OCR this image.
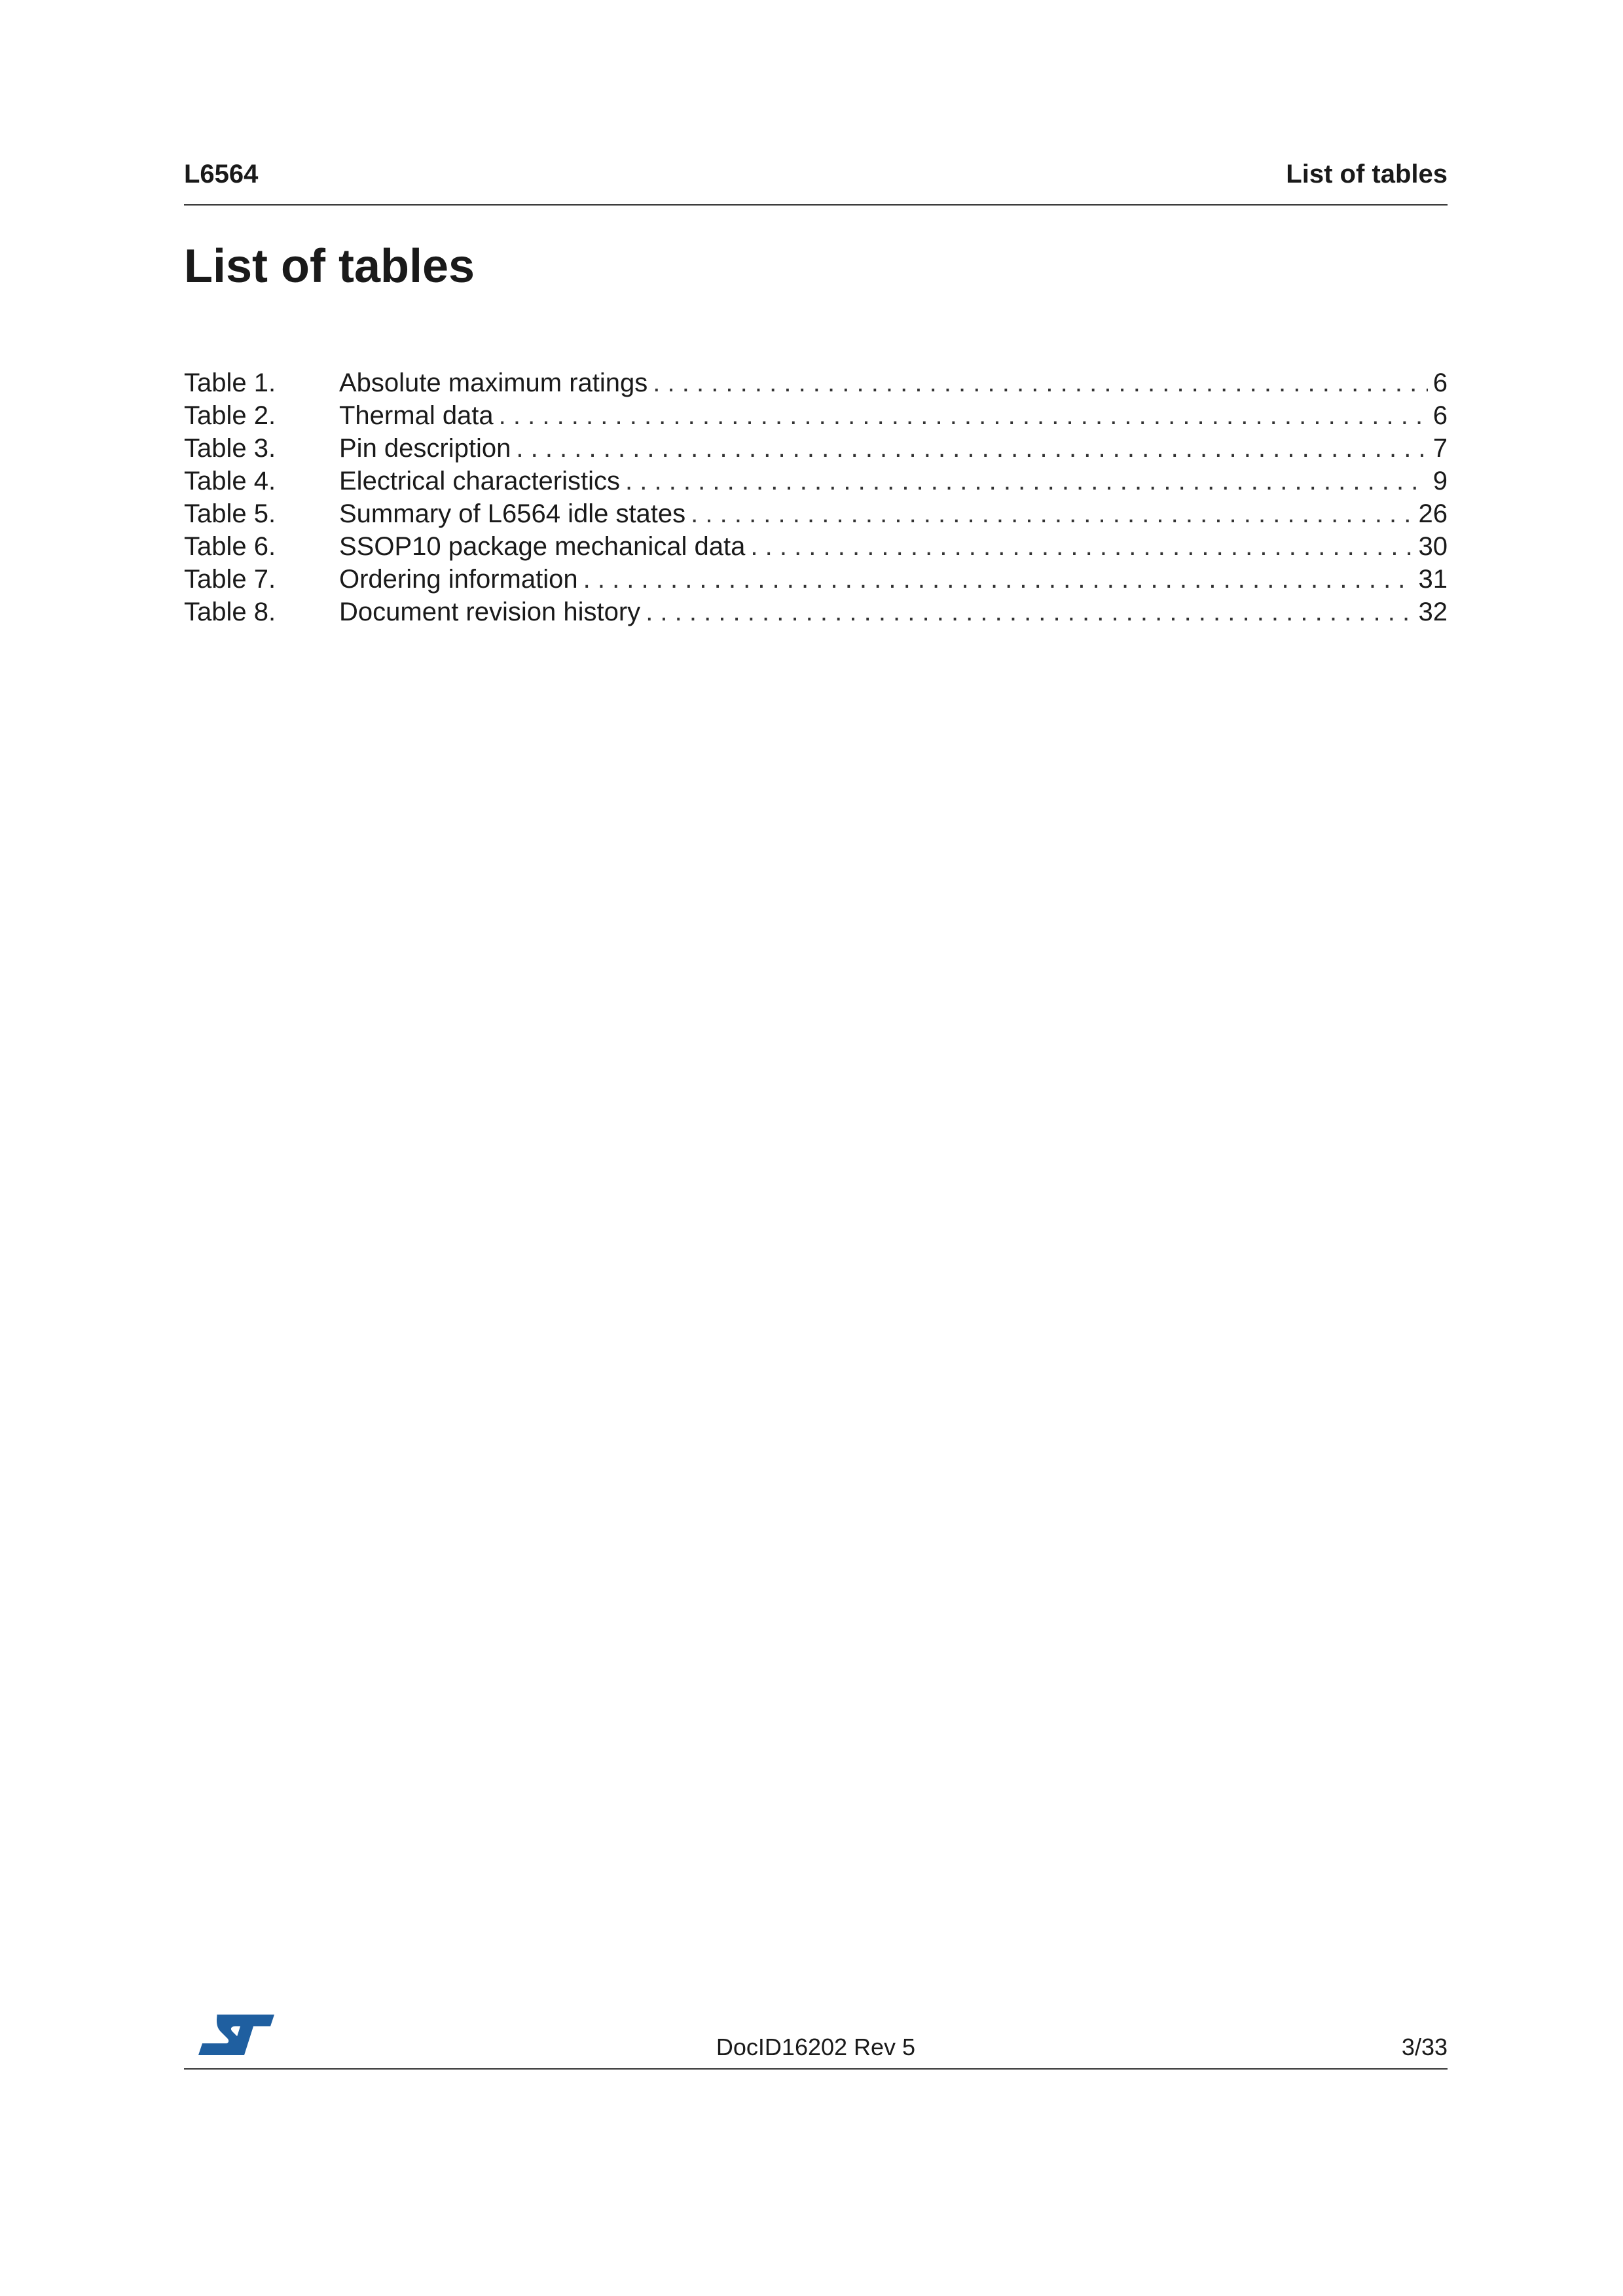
L6564	List of tables
List of tables
Table 1.	Absolute maximum ratings . . .	6
Table 2.	Thermal data . . .	6
Table 3.	Pin description . . .	7
Table 4.	Electrical characteristics . . .	9
Table 5.	Summary of L6564 idle states . . .	26
Table 6.	SSOP10 package mechanical data . . .	30
Table 7.	Ordering information . . .	31
Table 8.	Document revision history . . .	32
DocID16202 Rev 5	3/33
